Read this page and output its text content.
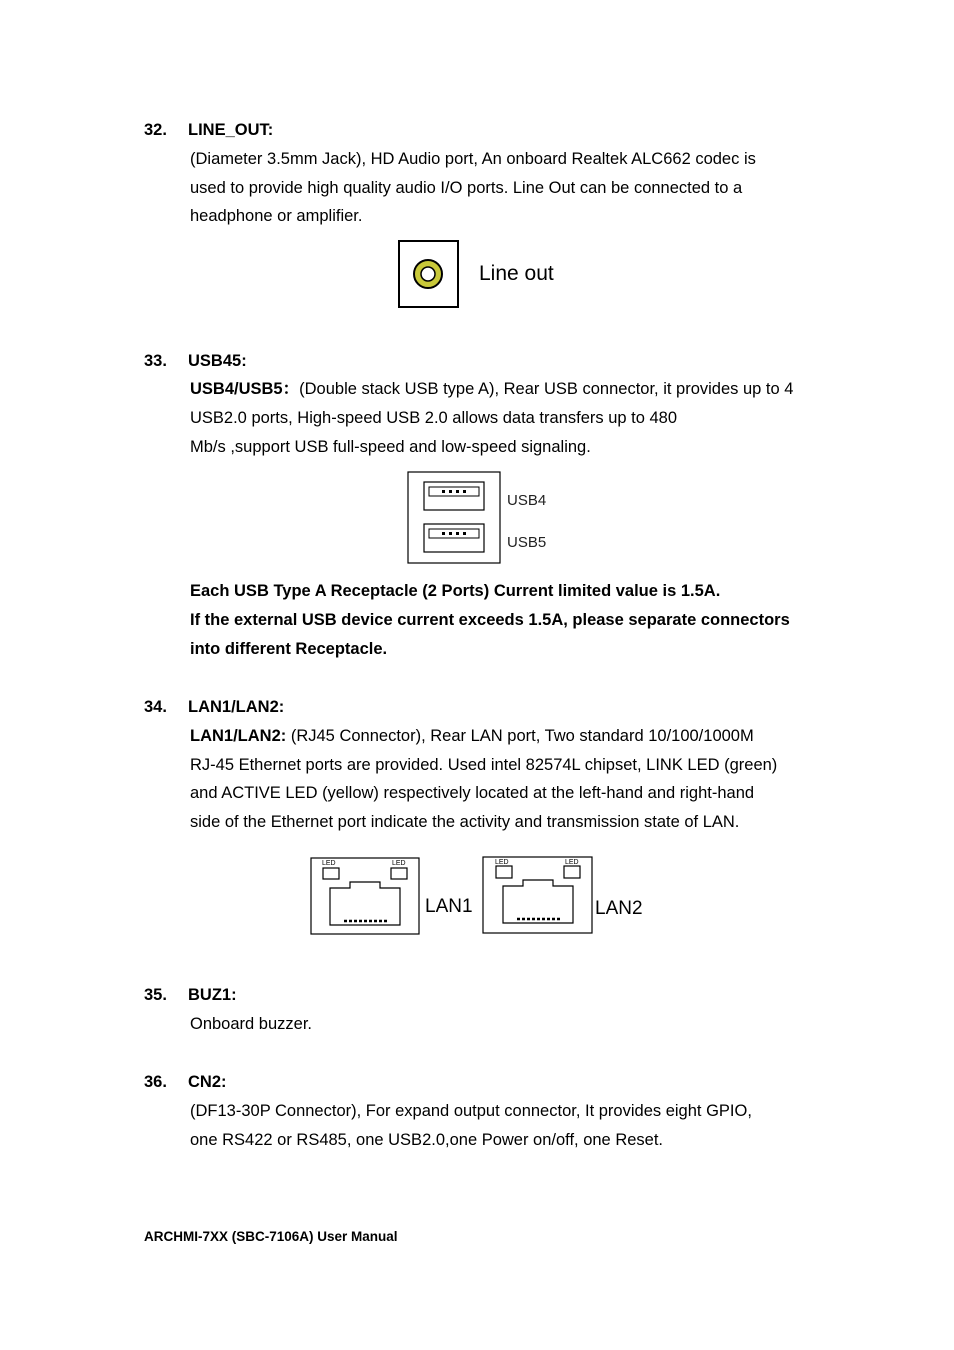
32. LINE_OUT:
(Diameter 3.5mm Jack), HD Audio port, An onboard Realtek ALC662 codec is
used to provide high quality audio I/O ports. Line Out can be connected to a
headphone or amplifier.
Line out
33. USB45:
USB4/USB5：(Double stack USB type A), Rear USB connector, it provides up to 4
USB2.0 ports, High-speed USB 2.0 allows data transfers up to 480
Mb/s ,support USB full-speed and low-speed signaling.
USB4
USB5
Each USB Type A Receptacle (2 Ports) Current limited value is 1.5A.
If the external USB device current exceeds 1.5A, please separate connectors
into different Receptacle.
34. LAN1/LAN2:
LAN1/LAN2: (RJ45 Connector), Rear LAN port, Two standard 10/100/1000M
RJ-45 Ethernet ports are provided. Used intel 82574L chipset, LINK LED (green)
and ACTIVE LED (yellow) respectively located at the left-hand and right-hand
side of the Ethernet port indicate the activity and transmission state of LAN.
LED	LED
LAN1
LED	LED
LAN2
35. BUZ1:
Onboard buzzer.
36. CN2:
(DF13-30P Connector), For expand output connector, It provides eight GPIO,
one RS422 or RS485, one USB2.0,one Power on/off, one Reset.
ARCHMI-7XX (SBC-7106A) User Manual
